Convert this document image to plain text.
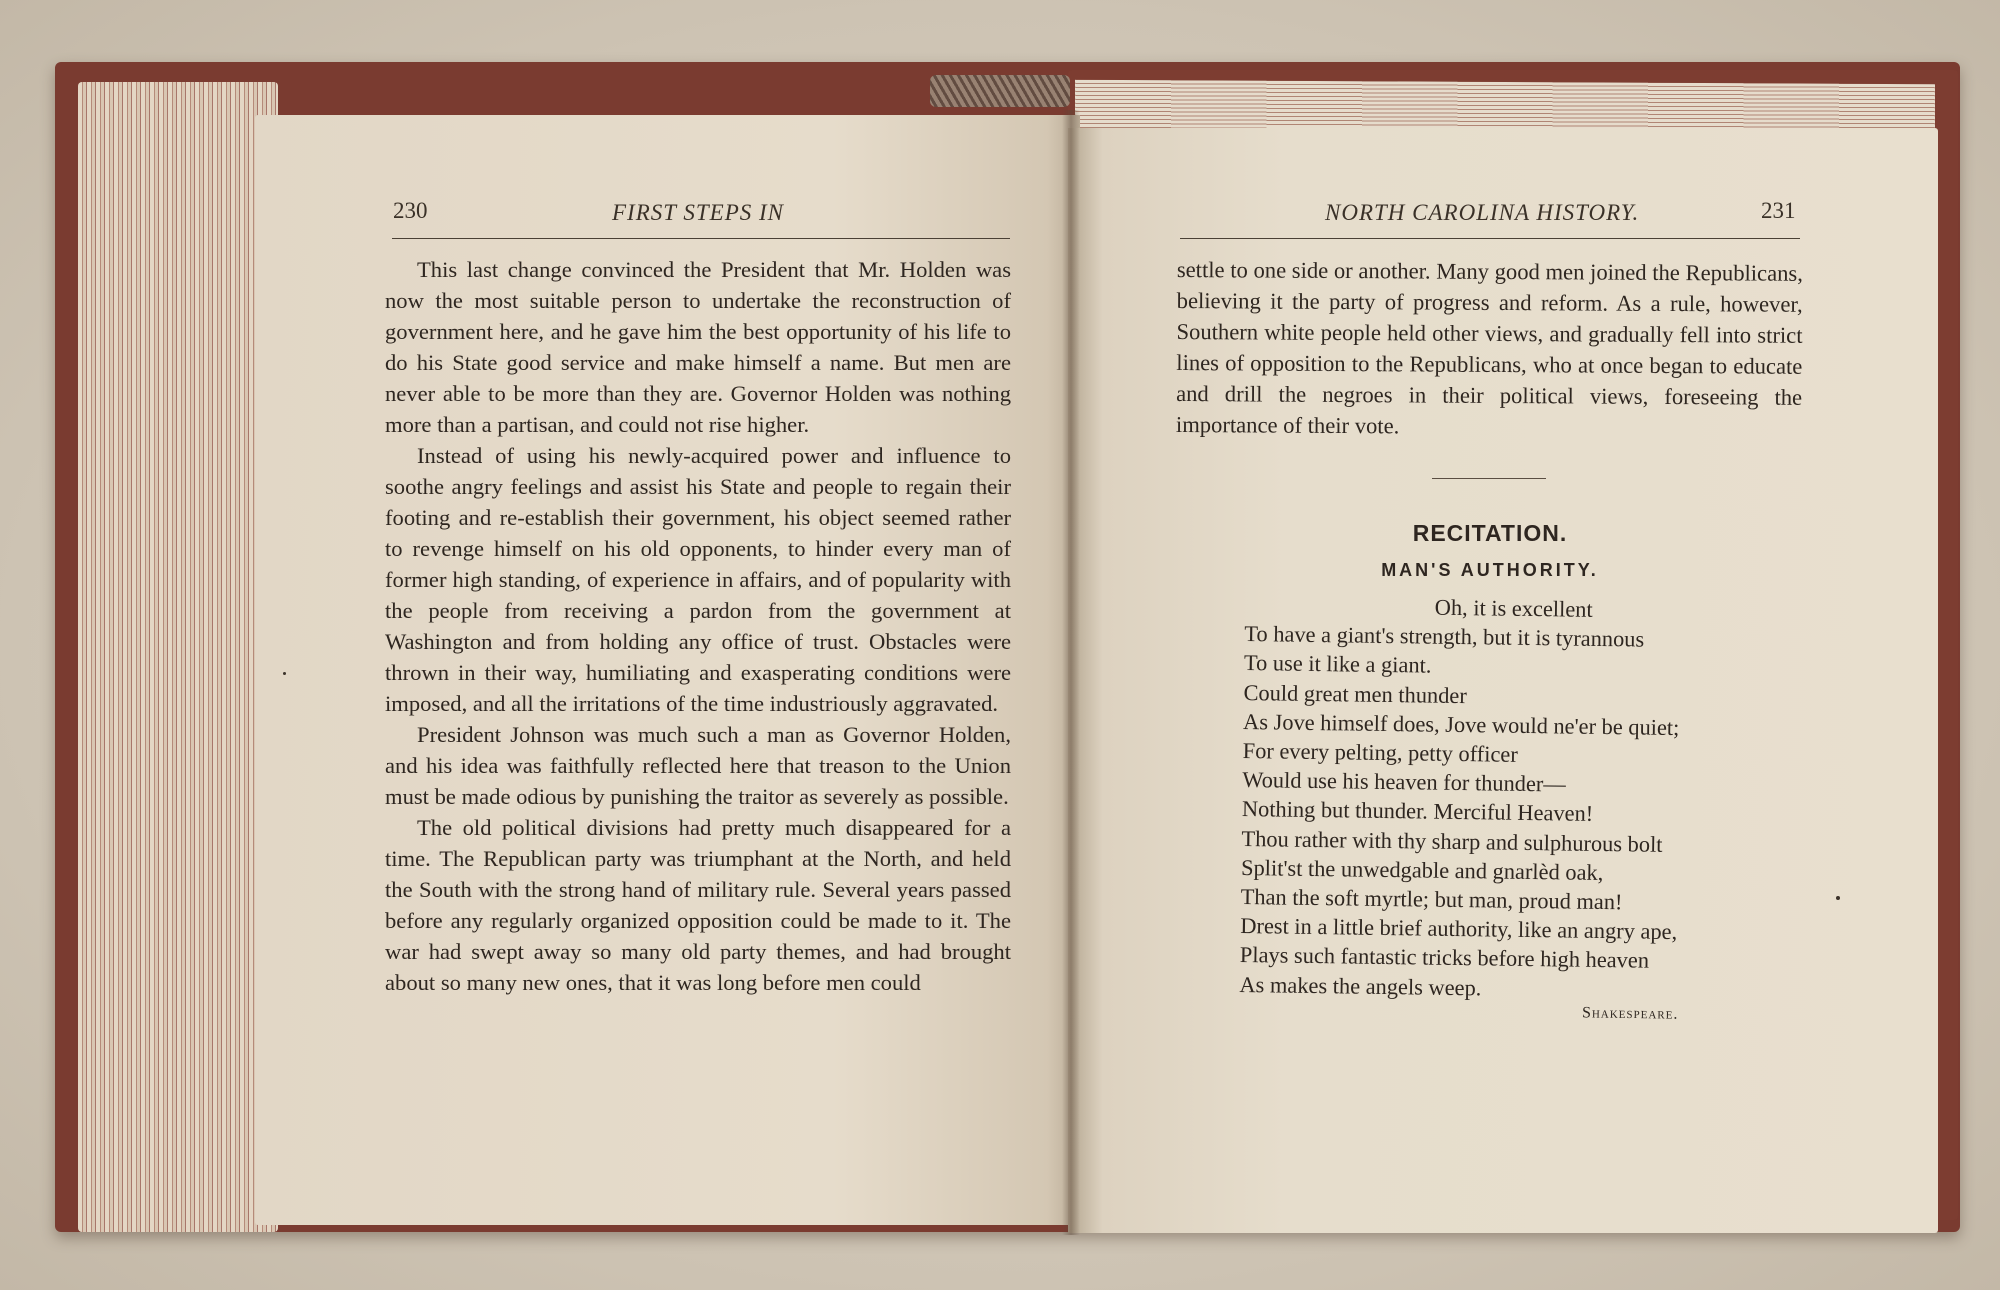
230	FIRST STEPS IN

This last change convinced the President that Mr. Holden was now the most suitable person to undertake the reconstruction of government here, and he gave him the best opportunity of his life to do his State good service and make himself a name. But men are never able to be more than they are. Governor Holden was nothing more than a partisan, and could not rise higher.

Instead of using his newly-acquired power and influence to soothe angry feelings and assist his State and people to regain their footing and re-establish their government, his object seemed rather to revenge himself on his old opponents, to hinder every man of former high standing, of experience in affairs, and of popularity with the people from receiving a pardon from the government at Washington and from holding any office of trust. Obstacles were thrown in their way, humiliating and exasperating conditions were imposed, and all the irritations of the time industriously aggravated.

President Johnson was much such a man as Governor Holden, and his idea was faithfully reflected here that treason to the Union must be made odious by punishing the traitor as severely as possible.

The old political divisions had pretty much disappeared for a time. The Republican party was triumphant at the North, and held the South with the strong hand of military rule. Several years passed before any regularly organized opposition could be made to it. The war had swept away so many old party themes, and had brought about so many new ones, that it was long before men could

NORTH CAROLINA HISTORY.	231

settle to one side or another. Many good men joined the Republicans, believing it the party of progress and reform. As a rule, however, Southern white people held other views, and gradually fell into strict lines of opposition to the Republicans, who at once began to educate and drill the negroes in their political views, foreseeing the importance of their vote.

RECITATION.
MAN'S AUTHORITY.
Oh, it is excellent
To have a giant's strength, but it is tyrannous
To use it like a giant.
Could great men thunder
As Jove himself does, Jove would ne'er be quiet;
For every pelting, petty officer
Would use his heaven for thunder—
Nothing but thunder. Merciful Heaven!
Thou rather with thy sharp and sulphurous bolt
Split'st the unwedgable and gnarlèd oak,
Than the soft myrtle; but man, proud man!
Drest in a little brief authority, like an angry ape,
Plays such fantastic tricks before high heaven
As makes the angels weep.
Shakespeare.
